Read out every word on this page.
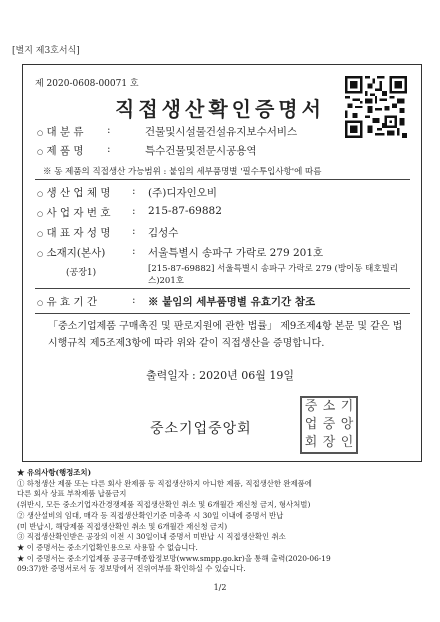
[별지 제3호서식]
제 2020-0608-00071 호
직접생산확인증명서
○ 대 분 류 :	건물및시설물건설유지보수서비스
○ 제 품 명 :	특수건물및전문시공용역
※ 동 제품의 직접생산 가능범위 : 붙임의 세부품명별 '필수투입사항'에 따름
○ 생 산 업 체 명 : (주)디자인오비
○ 사 업 자 번 호 : 215-87-69882
○ 대 표 자 성 명 : 김성수
○ 소재지(본사)	: 서울특별시 송파구 가락로 279 201호
(공장1)	[215-87-69882] 서울특별시 송파구 가락로 279 (방이동 태호빌리스)201호
○ 유 효 기 간	: ※ 붙임의 세부품명별 유효기간 참조
「중소기업제품 구매촉진 및 판로지원에 관한 법률」 제9조제4항 본문 및 같은 법 시행규칙 제5조제3항에 따라 위와 같이 직접생산을 증명합니다.
출력일자 : 2020년 06월 19일
중소기업중앙회
중 소 기
업 중 앙
회 장 인
★ 유의사항(행정조치)
① 하청생산 제품 또는 다른 회사 완제품 등 직접생산하지 아니한 제품, 직접생산한 완제품에
다른 회사 상표 부착제품 납품금지
(위반시, 모든 중소기업자간경쟁제품 직접생산확인 취소 및 6개월간 재신청 금지, 형사처벌)
② 생산설비의 임대, 매각 등 직접생산확인기준 미충족 시 30일 이내에 증명서 반납
(미 반납시, 해당제품 직접생산확인 취소 및 6개월간 재신청 금지)
③ 직접생산확인받은 공장의 이전 시 30일이내 증명서 미반납 시 직접생산확인 취소
★ 이 증명서는 중소기업확인용으로 사용할 수 없습니다.
★ 이 증명서는 중소기업제품 공공구매종합정보망(www.smpp.go.kr)을 통해 출력(2020-06-19
09:37)한 증명서로서 동 정보망에서 진위여부를 확인하실 수 있습니다.
1/2
